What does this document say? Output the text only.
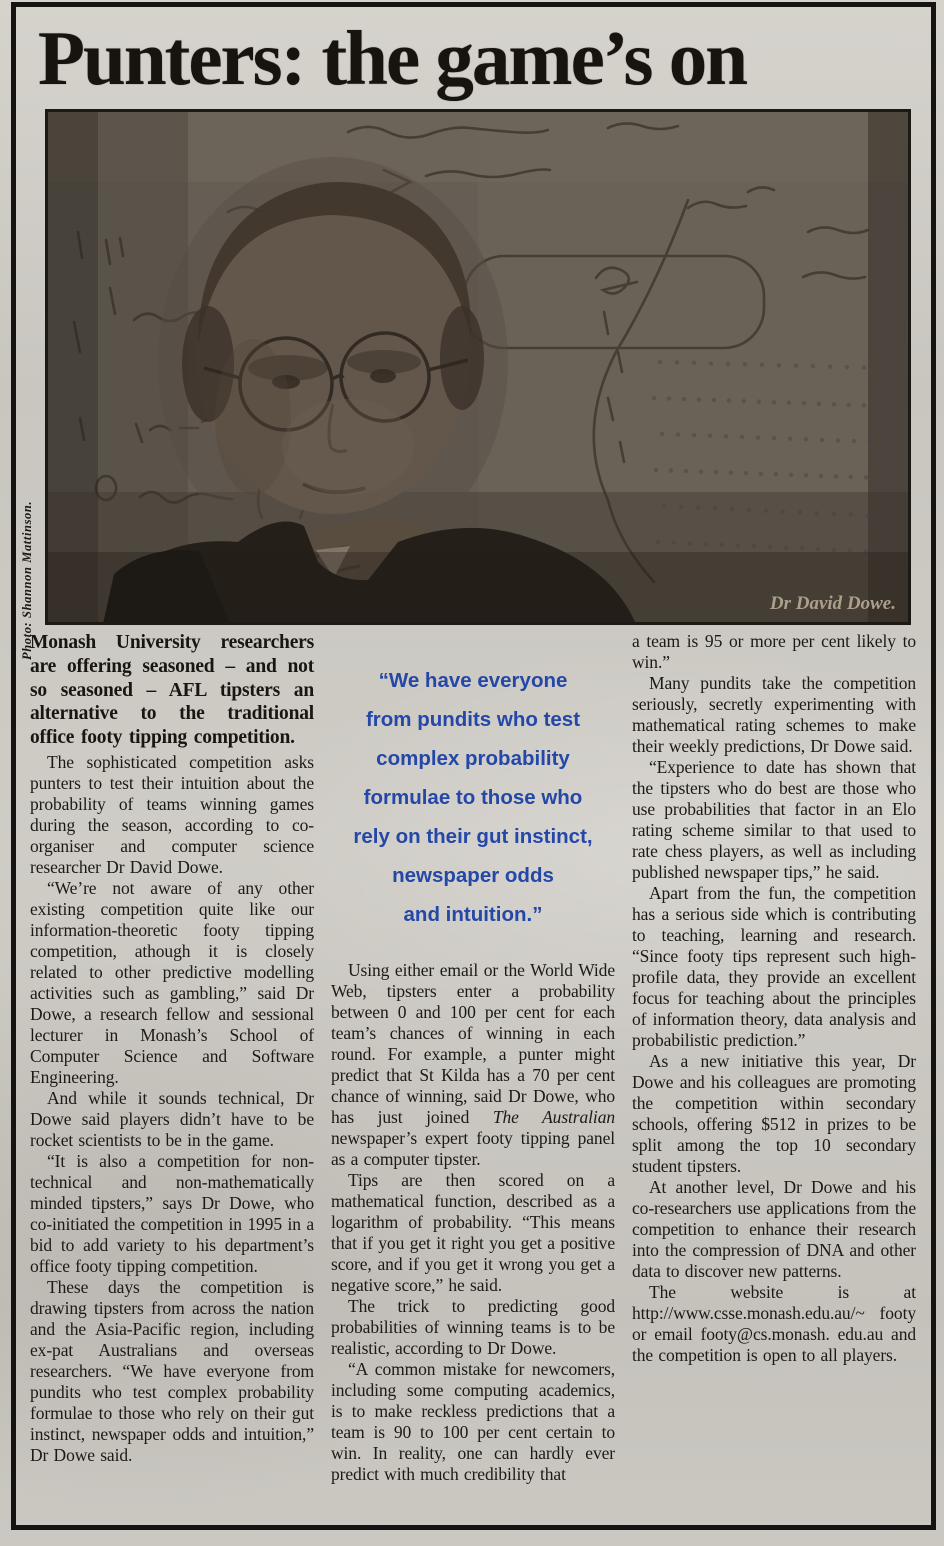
Punters: the game’s on
Dr David Dowe.
Photo: Shannon Mattinson.

Monash University researchers are offering seasoned – and not so seasoned – AFL tipsters an alternative to the traditional office footy tipping competition.

The sophisticated competition asks punters to test their intuition about the probability of teams winning games during the season, according to co-organiser and computer science researcher Dr David Dowe.

“We’re not aware of any other existing competition quite like our information-theoretic footy tipping competition, athough it is closely related to other predictive modelling activities such as gambling,” said Dr Dowe, a research fellow and sessional lecturer in Monash’s School of Computer Science and Software Engineering.

And while it sounds technical, Dr Dowe said players didn’t have to be rocket scientists to be in the game.

“It is also a competition for non-technical and non-mathematically minded tipsters,” says Dr Dowe, who co-initiated the competition in 1995 in a bid to add variety to his department’s office footy tipping competition.

These days the competition is drawing tipsters from across the nation and the Asia-Pacific region, including ex-pat Australians and overseas researchers. “We have everyone from pundits who test complex probability formulae to those who rely on their gut instinct, newspaper odds and intuition,” Dr Dowe said.

“We have everyone
from pundits who test
complex probability
formulae to those who
rely on their gut instinct,
newspaper odds
and intuition.”

Using either email or the World Wide Web, tipsters enter a probability between 0 and 100 per cent for each team’s chances of winning in each round. For example, a punter might predict that St Kilda has a 70 per cent chance of winning, said Dr Dowe, who has just joined The Australian newspaper’s expert footy tipping panel as a computer tipster.

Tips are then scored on a mathematical function, described as a logarithm of probability. “This means that if you get it right you get a positive score, and if you get it wrong you get a negative score,” he said.

The trick to predicting good probabilities of winning teams is to be realistic, according to Dr Dowe.

“A common mistake for newcomers, including some computing academics, is to make reckless predictions that a team is 90 to 100 per cent certain to win. In reality, one can hardly ever predict with much credibility that

a team is 95 or more per cent likely to win.”

Many pundits take the competition seriously, secretly experimenting with mathematical rating schemes to make their weekly predictions, Dr Dowe said.

“Experience to date has shown that the tipsters who do best are those who use probabilities that factor in an Elo rating scheme similar to that used to rate chess players, as well as including published newspaper tips,” he said.

Apart from the fun, the competition has a serious side which is contributing to teaching, learning and research. “Since footy tips represent such high-profile data, they provide an excellent focus for teaching about the principles of information theory, data analysis and probabilistic prediction.”

As a new initiative this year, Dr Dowe and his colleagues are promoting the competition within secondary schools, offering $512 in prizes to be split among the top 10 secondary student tipsters.

At another level, Dr Dowe and his co-researchers use applications from the competition to enhance their research into the compression of DNA and other data to discover new patterns.

The website is at http://www.csse.monash.edu.au/~ footy or email footy@cs.monash. edu.au and the competition is open to all players.
